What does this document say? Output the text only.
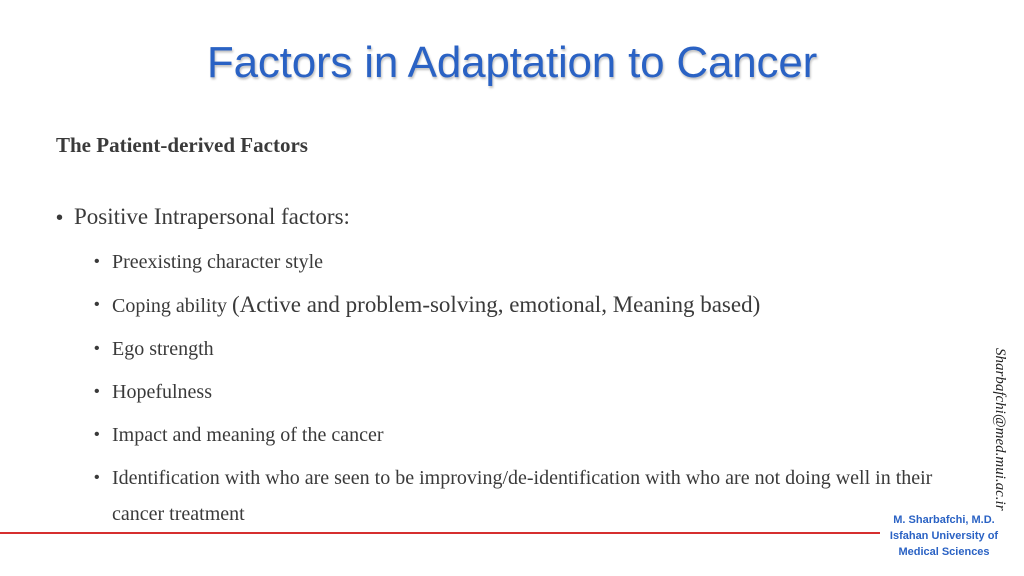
Factors in Adaptation to Cancer
The Patient-derived Factors
• Positive Intrapersonal factors:
• Preexisting character style
• Coping ability (Active and problem-solving, emotional, Meaning based)
• Ego strength
• Hopefulness
• Impact and meaning of the cancer
• Identification with who are seen to be improving/de-identification with who are not doing well in their cancer treatment
Sharbafchi@med.mui.ac.ir
M. Sharbafchi, M.D.
Isfahan University of
Medical Sciences
